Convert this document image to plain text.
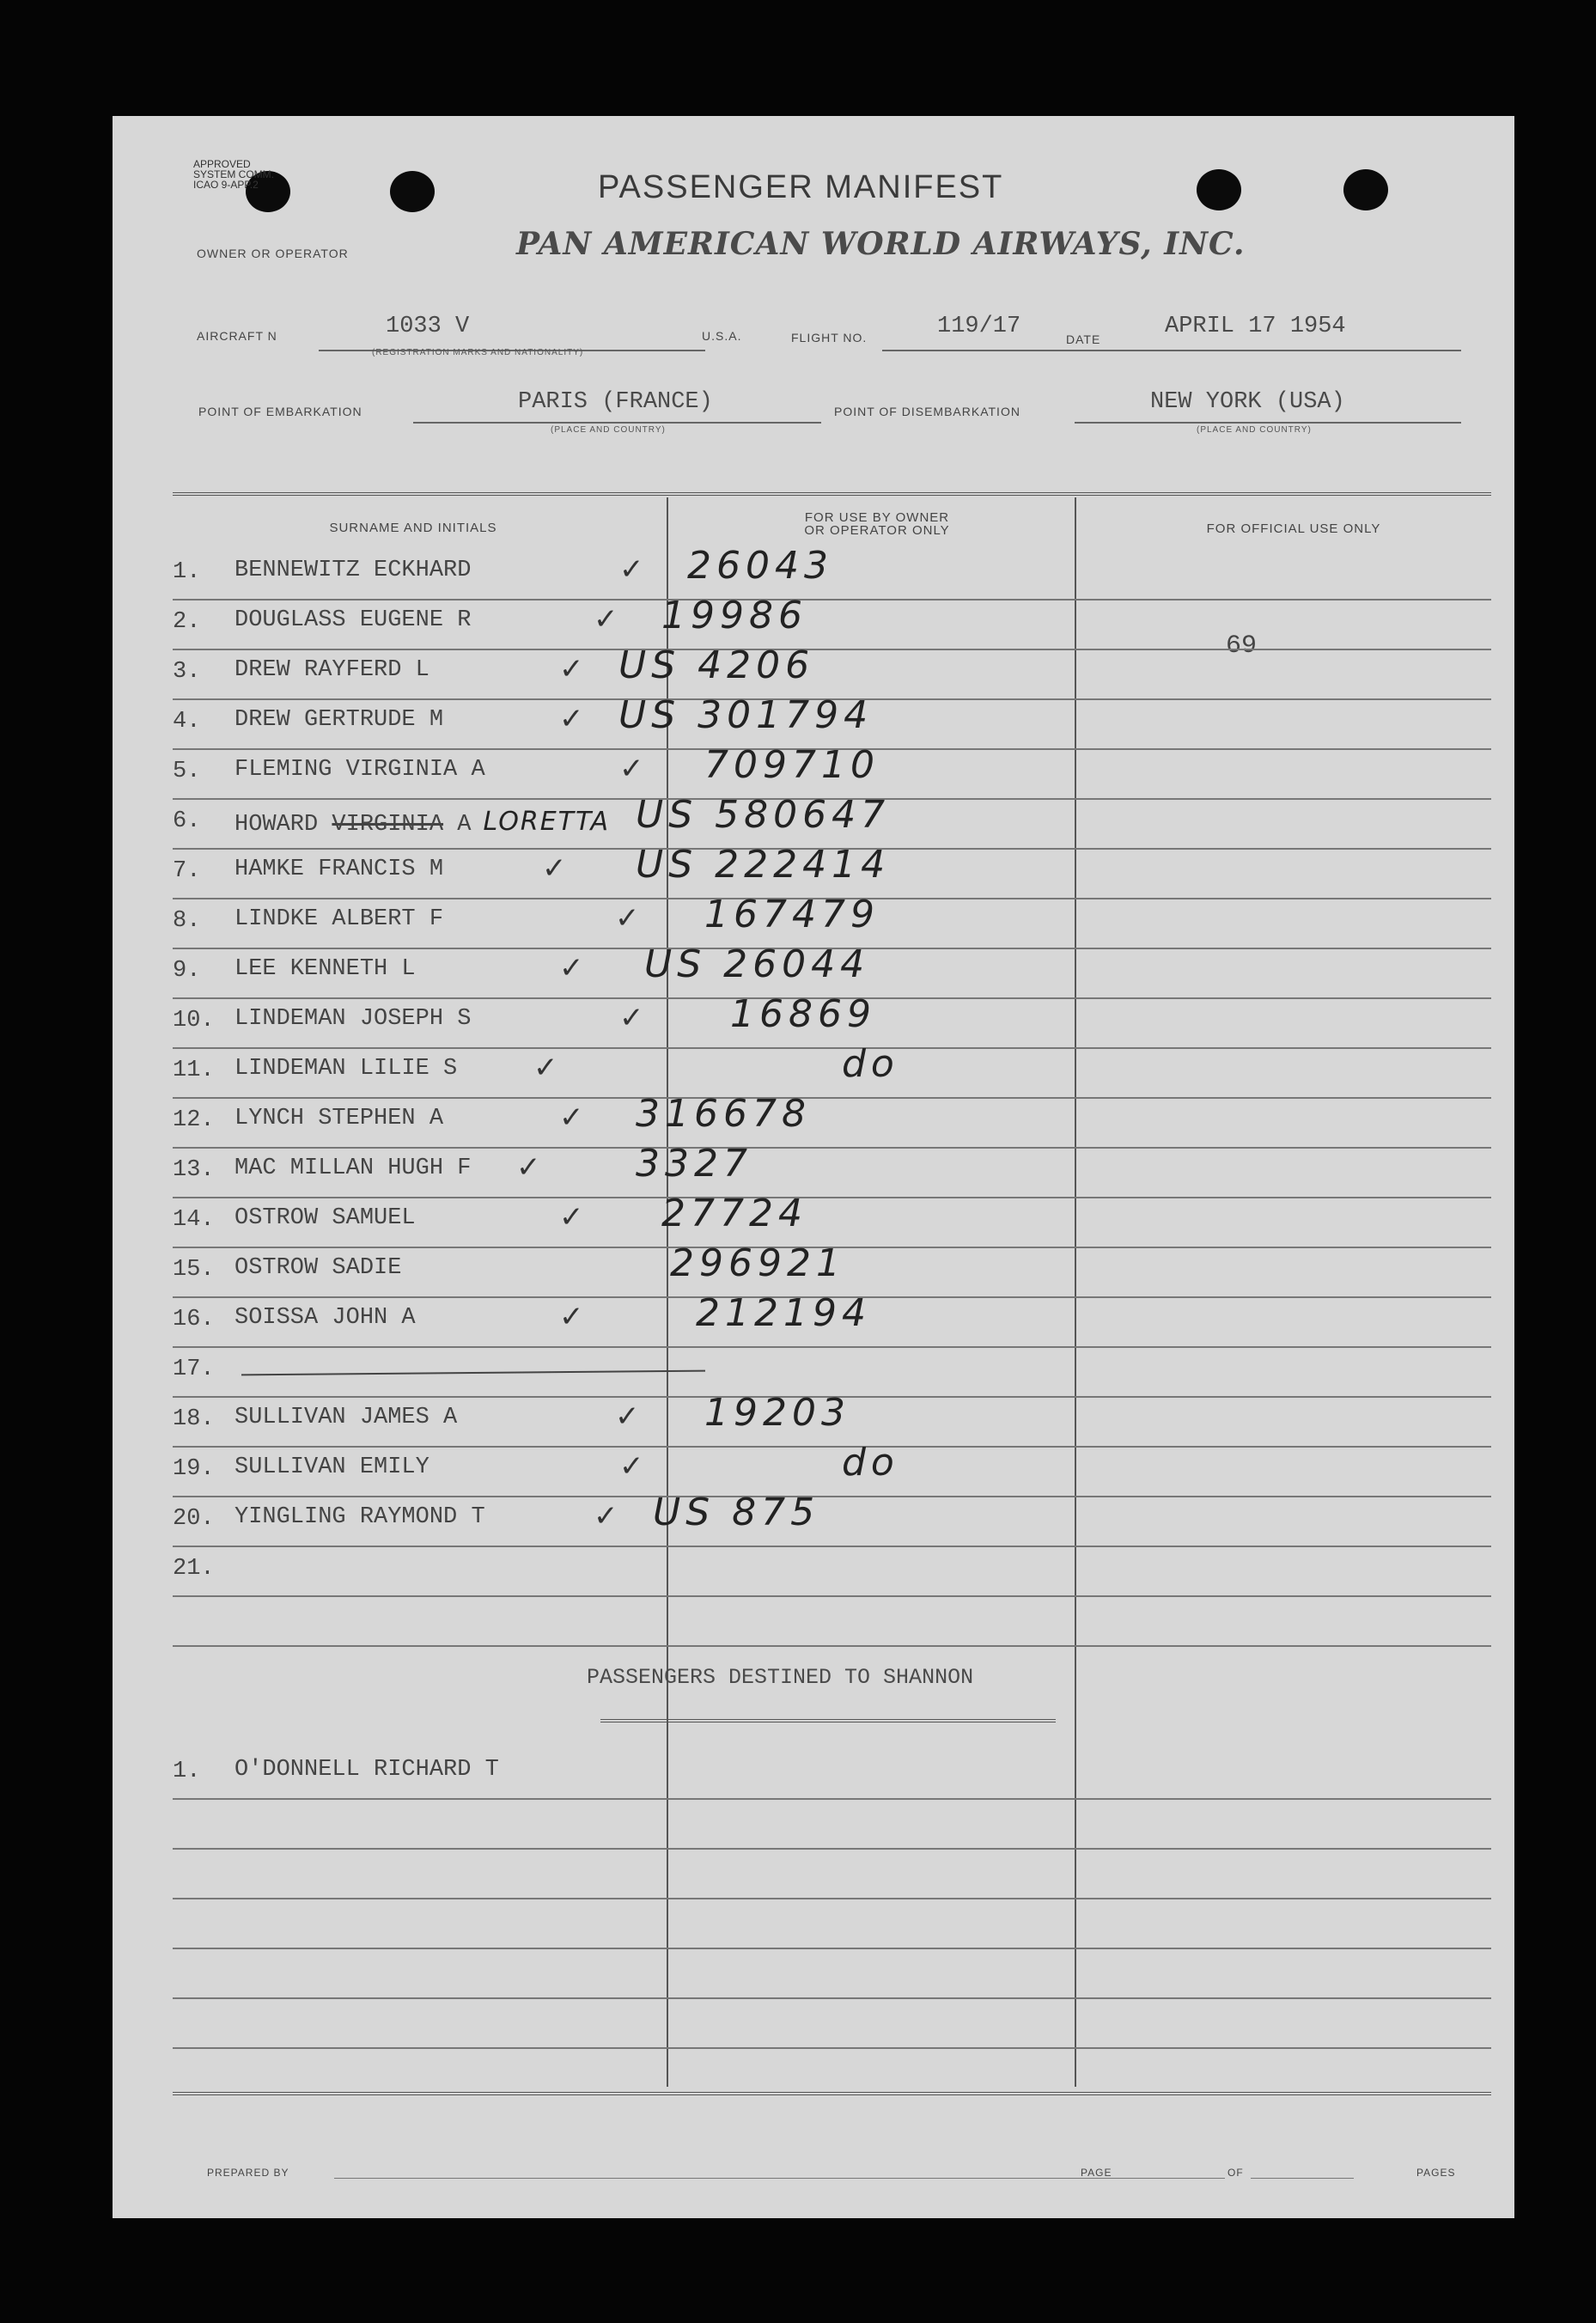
APPROVED
SYSTEM COMM.
ICAO 9-APP.2	PASSENGER MANIFEST
OWNER OR OPERATOR	PAN AMERICAN WORLD AIRWAYS, INC.
AIRCRAFT N	1033 V
(REGISTRATION MARKS AND NATIONALITY)
U.S.A.	FLIGHT NO.	119/17	DATE	APRIL 17 1954
POINT OF EMBARKATION	PARIS (FRANCE)
(PLACE AND COUNTRY)
POINT OF DISEMBARKATION	NEW YORK (USA)
(PLACE AND COUNTRY)
SURNAME AND INITIALS
FOR USE BY OWNER
OR OPERATOR ONLY	FOR OFFICIAL USE ONLY
69
1. BENNEWITZ ECKHARD	✓ 26043
2. DOUGLASS EUGENE R	✓ 19986
3. DREW RAYFERD L	✓ US 4206
4. DREW GERTRUDE M	✓ US 301794
5. FLEMING VIRGINIA A	✓ 709710
6. HOWARD VIRGINIA A LORETTA US 580647
7. HAMKE FRANCIS M	✓ US 222414
8. LINDKE ALBERT F	✓ 167479
9. LEE KENNETH L	✓ US 26044
10. LINDEMAN JOSEPH S	✓ 16869
11. LINDEMAN LILIE S	✓	do
12. LYNCH STEPHEN A	✓ 316678
13. MAC MILLAN HUGH F ✓	3327
14. OSTROW SAMUEL	✓ 27724
15. OSTROW SADIE	296921
16. SOISSA JOHN A	✓	212194
17.
18. SULLIVAN JAMES A	✓ 19203
19. SULLIVAN EMILY	✓	do
20. YINGLING RAYMOND T	✓ US 875
21.
PASSENGERS DESTINED TO SHANNON
1. O'DONNELL RICHARD T
PREPARED BY	PAGE	OF	PAGES
